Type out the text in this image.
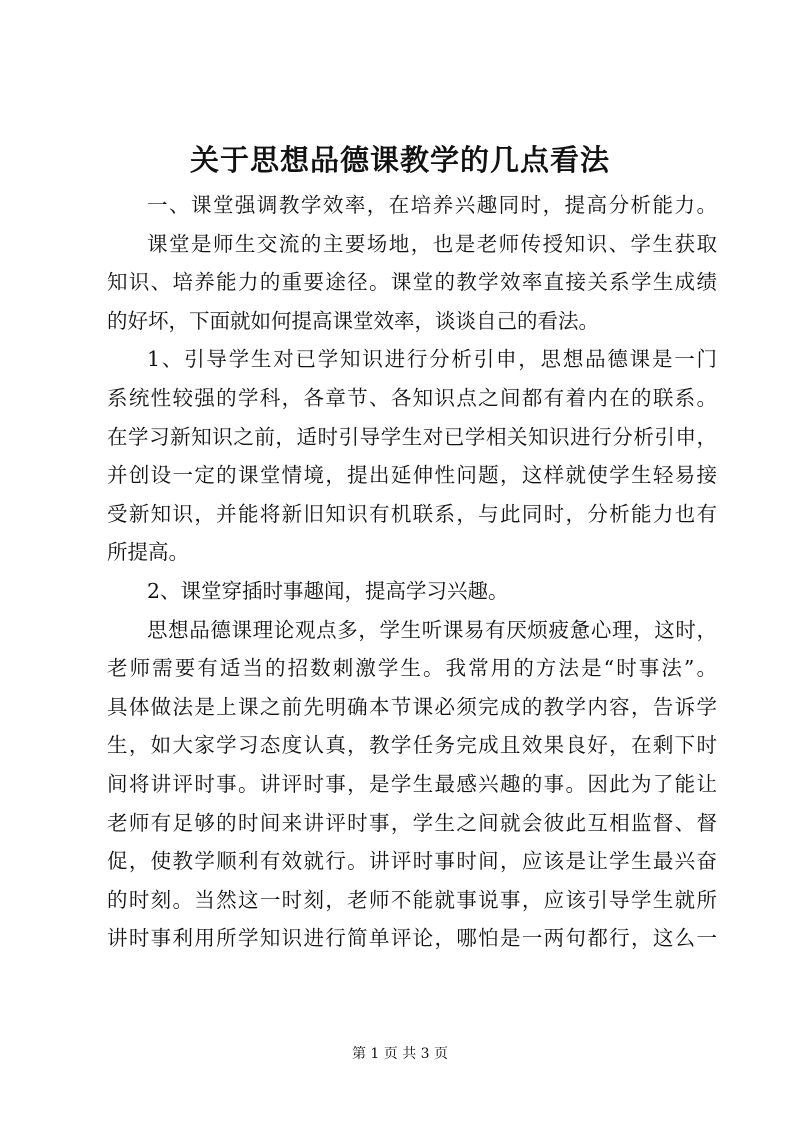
关于思想品德课教学的几点看法
一、课堂强调教学效率，在培养兴趣同时，提高分析能力。
课堂是师生交流的主要场地，也是老师传授知识、学生获取
知识、培养能力的重要途径。课堂的教学效率直接关系学生成绩
的好坏，下面就如何提高课堂效率，谈谈自己的看法。
1、引导学生对已学知识进行分析引申，思想品德课是一门
系统性较强的学科，各章节、各知识点之间都有着内在的联系。
在学习新知识之前，适时引导学生对已学相关知识进行分析引申，
并创设一定的课堂情境，提出延伸性问题，这样就使学生轻易接
受新知识，并能将新旧知识有机联系，与此同时，分析能力也有
所提高。
2、课堂穿插时事趣闻，提高学习兴趣。
思想品德课理论观点多，学生听课易有厌烦疲惫心理，这时，
老师需要有适当的招数刺激学生。我常用的方法是“时事法”。
具体做法是上课之前先明确本节课必须完成的教学内容，告诉学
生，如大家学习态度认真，教学任务完成且效果良好，在剩下时
间将讲评时事。讲评时事，是学生最感兴趣的事。因此为了能让
老师有足够的时间来讲评时事，学生之间就会彼此互相监督、督
促，使教学顺利有效就行。讲评时事时间，应该是让学生最兴奋
的时刻。当然这一时刻，老师不能就事说事，应该引导学生就所
讲时事利用所学知识进行简单评论，哪怕是一两句都行，这么一
第 1 页 共 3 页
